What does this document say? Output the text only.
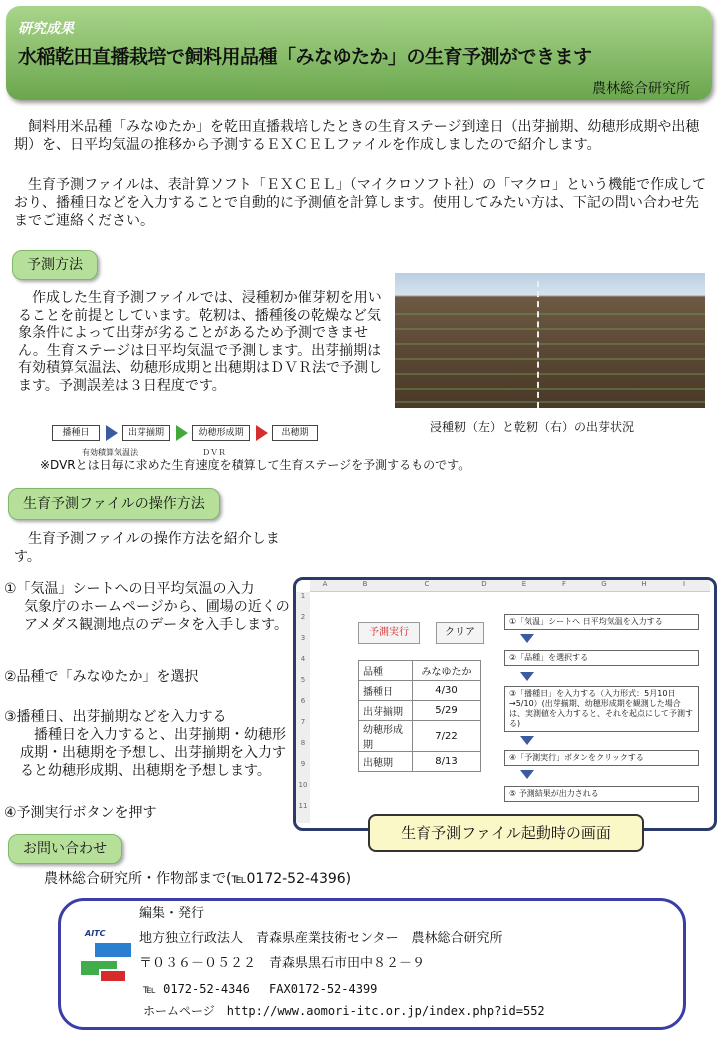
研究成果
水稲乾田直播栽培で飼料用品種「みなゆたか」の生育予測ができます
農林総合研究所
　飼料用米品種「みなゆたか」を乾田直播栽培したときの生育ステージ到達日（出芽揃期、幼穂形成期や出穂期）を、日平均気温の推移から予測するＥＸＣＥＬファイルを作成しましたので紹介します。
　生育予測ファイルは、表計算ソフト「ＥＸＣＥＬ」（マイクロソフト社）の「マクロ」という機能で作成しており、播種日などを入力することで自動的に予測値を計算します。使用してみたい方は、下記の問い合わせ先までご連絡ください。
予測方法
　作成した生育予測ファイルでは、浸種籾か催芽籾を用いることを前提としています。乾籾は、播種後の乾燥など気象条件によって出芽が劣ることがあるため予測できません。生育ステージは日平均気温で予測します。出芽揃期は有効積算気温法、幼穂形成期と出穂期はＤＶＲ法で予測します。予測誤差は３日程度です。
浸種籾（左）と乾籾（右）の出芽状況
播種日	出芽揃期	幼穂形成期	出穂期
有効積算気温法	ＤＶＲ
※DVRとは日毎に求めた生育速度を積算して生育ステージを予測するものです。
生育予測ファイルの操作方法
　生育予測ファイルの操作方法を紹介します。
①「気温」シートへの日平均気温の入力
気象庁のホームページから、圃場の近くのアメダス観測地点のデータを入手します。
②品種で「みなゆたか」を選択
③播種日、出芽揃期などを入力する
　播種日を入力すると、出芽揃期・幼穂形成期・出穂期を予想し、出芽揃期を入力すると幼穂形成期、出穂期を予想します。
④予測実行ボタンを押す
A	B	C	D	E	F	G	H	I
1
2
3
4
5
6
7
8
9
10
11
予測実行	クリア
品種	みなゆたか
播種日	4/30
出芽揃期	5/29
幼穂形成期	7/22
出穂期	8/13
①「気温」シートへ 日平均気温を入力する
②「品種」を選択する
③「播種日」を入力する（入力形式：5月10日 →5/10）(出芽揃期、幼穂形成期を観測した場合は、実測値を入力すると、それを起点にして予測する)
④「予測実行」ボタンをクリックする
⑤ 予測結果が出力される
生育予測ファイル起動時の画面
お問い合わせ
農林総合研究所・作物部まで(℡0172-52-4396)
AITC
編集・発行
地方独立行政法人　青森県産業技術センター　農林総合研究所
〒０３６－０５２２　青森県黒石市田中８２－９
℡ 0172-52-4346　 FAX0172-52-4399
ホームページ　http://www.aomori-itc.or.jp/index.php?id=552
